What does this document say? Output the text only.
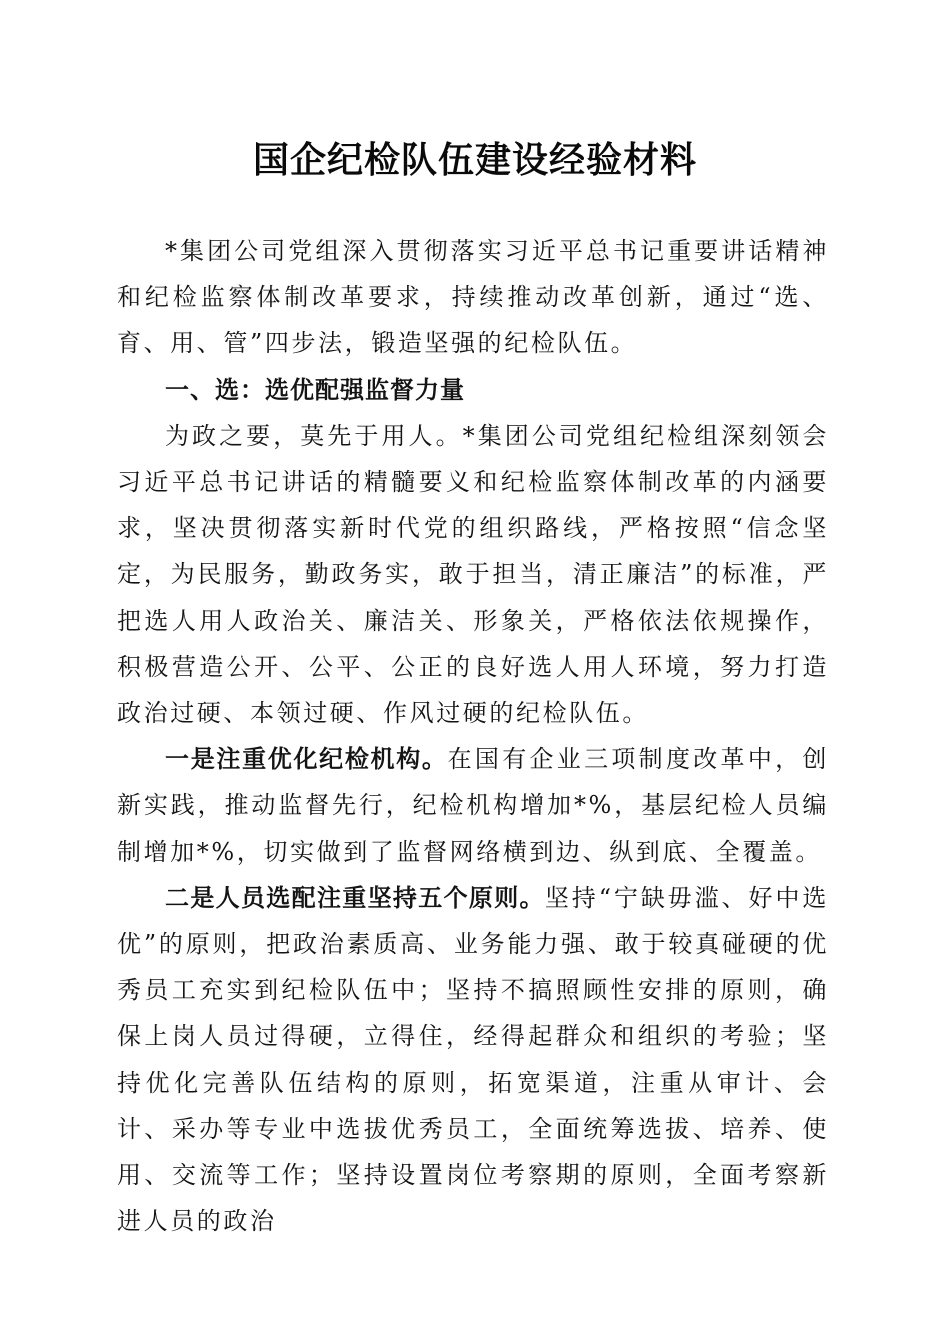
国企纪检队伍建设经验材料

*集团公司党组深入贯彻落实习近平总书记重要讲话精神和纪检监察体制改革要求，持续推动改革创新，通过“选、育、用、管”四步法，锻造坚强的纪检队伍。

一、选：选优配强监督力量

为政之要，莫先于用人。*集团公司党组纪检组深刻领会习近平总书记讲话的精髓要义和纪检监察体制改革的内涵要求，坚决贯彻落实新时代党的组织路线，严格按照“信念坚定，为民服务，勤政务实，敢于担当，清正廉洁”的标准，严把选人用人政治关、廉洁关、形象关，严格依法依规操作，积极营造公开、公平、公正的良好选人用人环境，努力打造政治过硬、本领过硬、作风过硬的纪检队伍。

一是注重优化纪检机构。在国有企业三项制度改革中，创新实践，推动监督先行，纪检机构增加*%，基层纪检人员编制增加*%，切实做到了监督网络横到边、纵到底、全覆盖。

二是人员选配注重坚持五个原则。坚持“宁缺毋滥、好中选优”的原则，把政治素质高、业务能力强、敢于较真碰硬的优秀员工充实到纪检队伍中；坚持不搞照顾性安排的原则，确保上岗人员过得硬，立得住，经得起群众和组织的考验；坚持优化完善队伍结构的原则，拓宽渠道，注重从审计、会计、采办等专业中选拔优秀员工，全面统筹选拔、培养、使用、交流等工作；坚持设置岗位考察期的原则，全面考察新进人员的政治
